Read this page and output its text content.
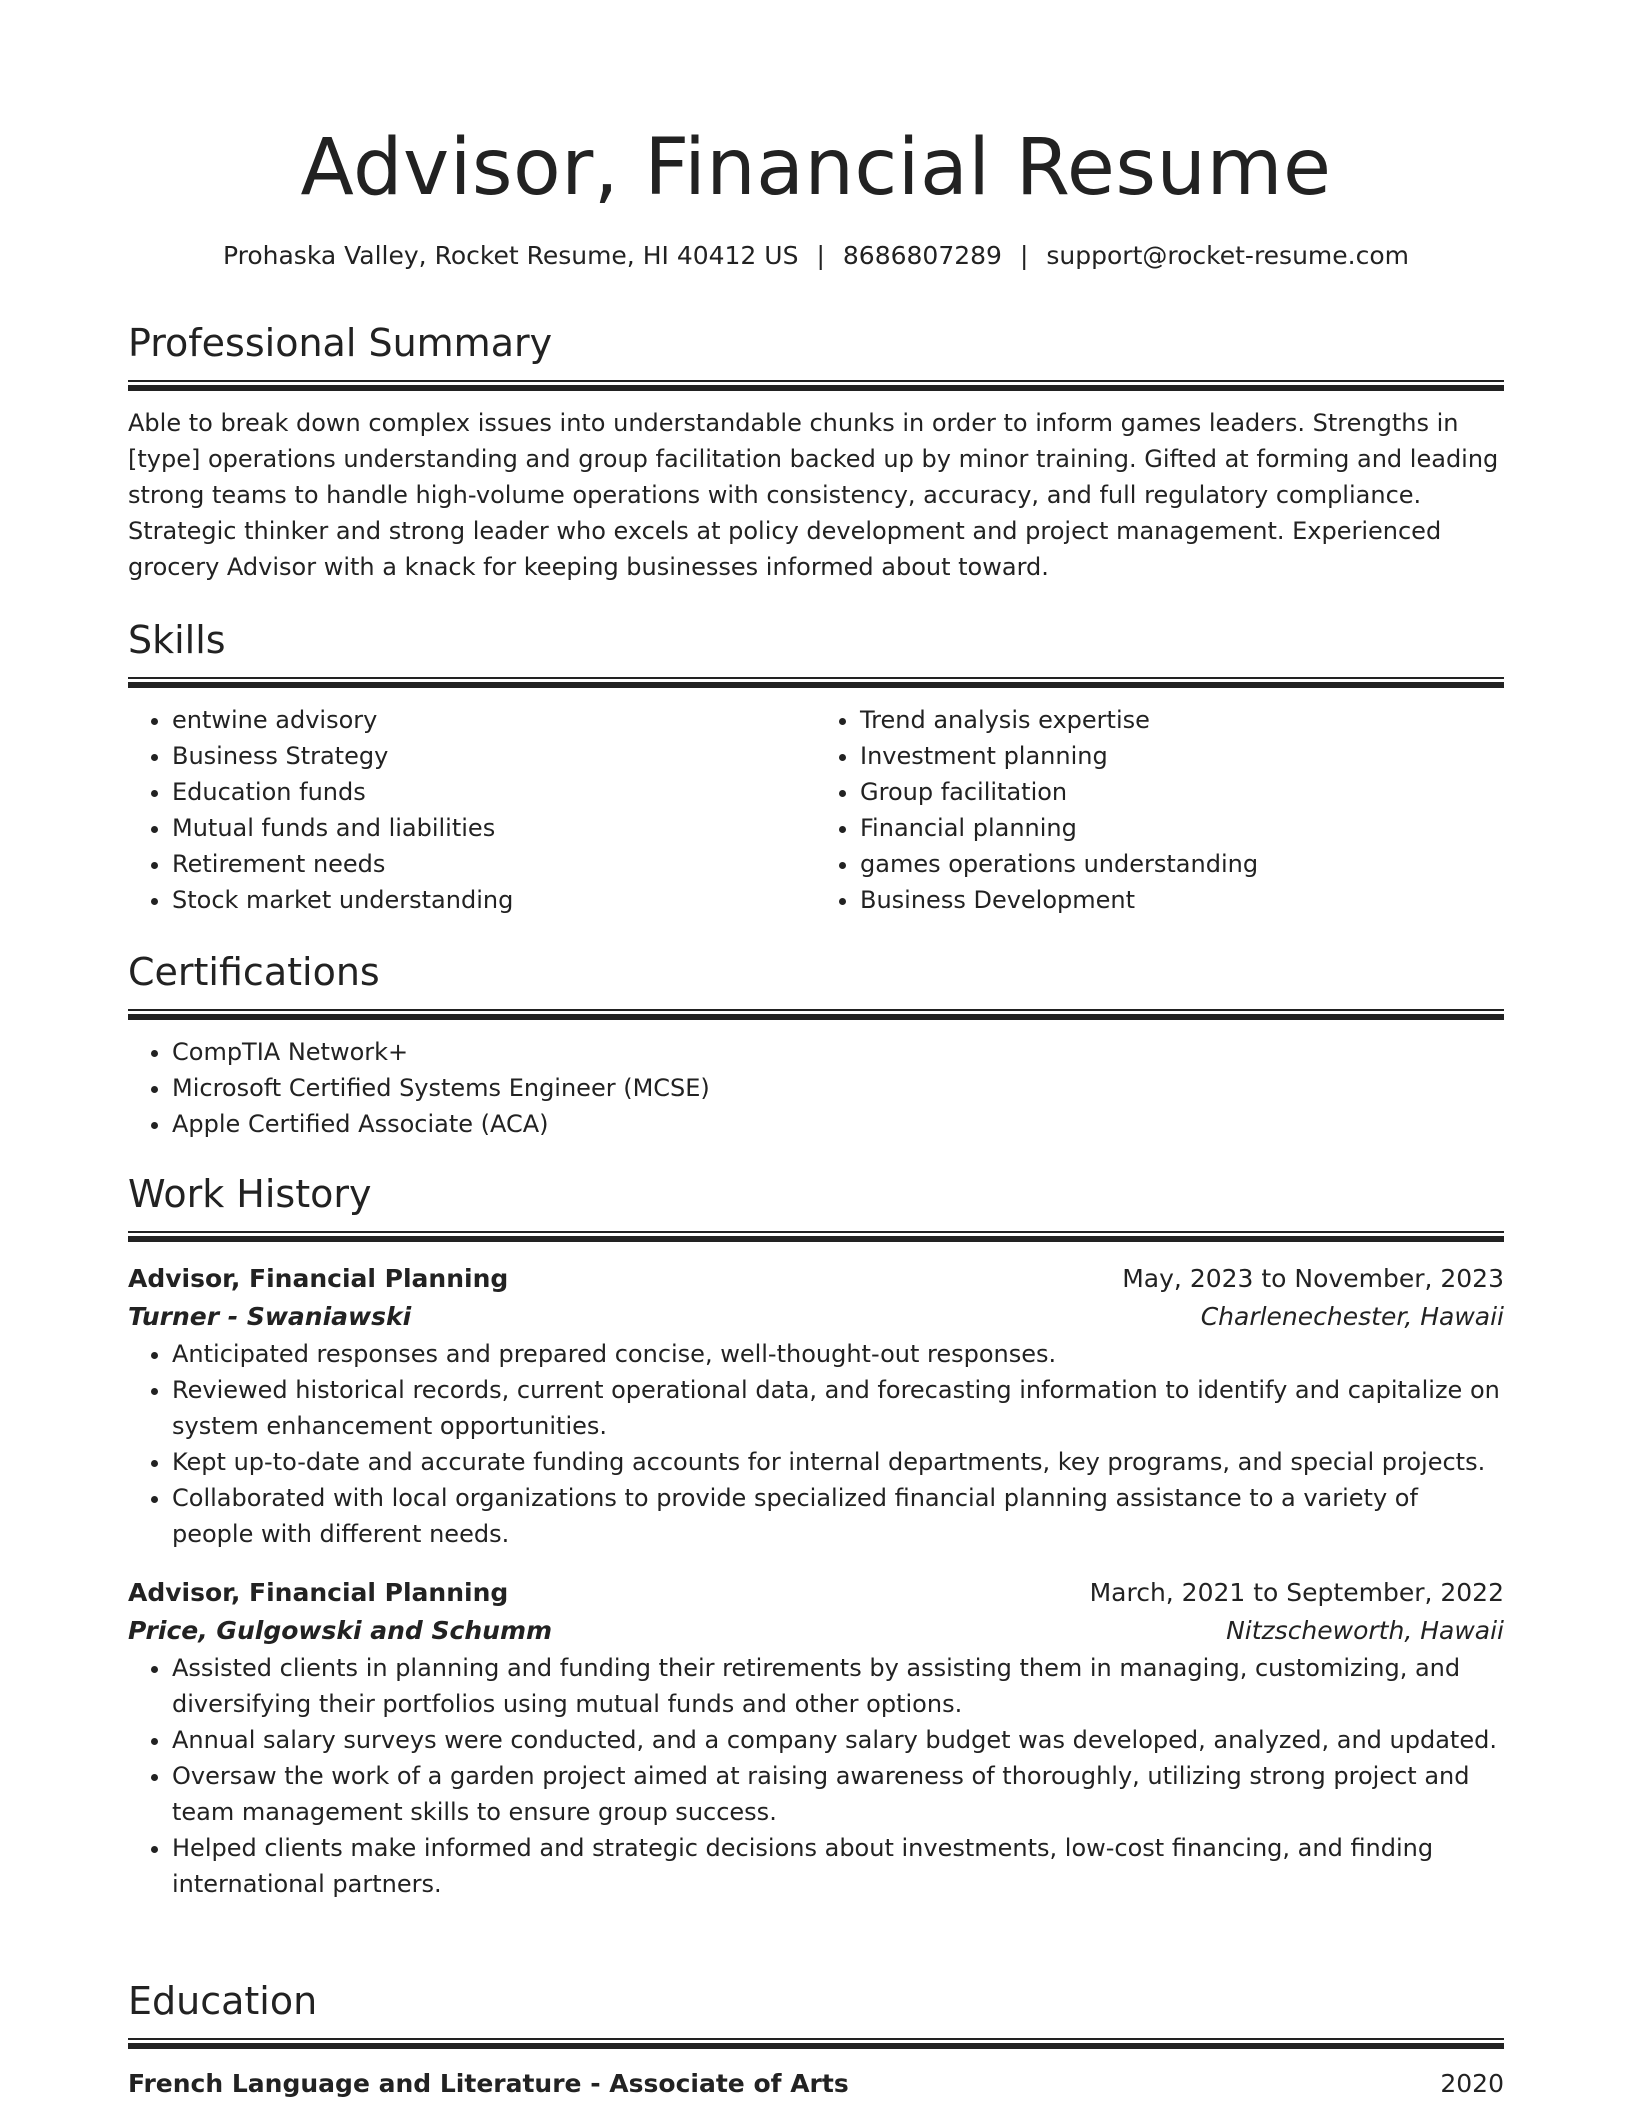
Advisor, Financial Resume
Prohaska Valley, Rocket Resume, HI 40412 US | 8686807289 | support@rocket-resume.com
Professional Summary

Able to break down complex issues into understandable chunks in order to inform games leaders. Strengths in [type] operations understanding and group facilitation backed up by minor training. Gifted at forming and leading strong teams to handle high-volume operations with consistency, accuracy, and full regulatory compliance. Strategic thinker and strong leader who excels at policy development and project management. Experienced grocery Advisor with a knack for keeping businesses informed about toward.

Skills
• entwine advisory
• Business Strategy
• Education funds
• Mutual funds and liabilities
• Retirement needs
• Stock market understanding
• Trend analysis expertise
• Investment planning
• Group facilitation
• Financial planning
• games operations understanding
• Business Development
Certifications
• CompTIA Network+
• Microsoft Certified Systems Engineer (MCSE)
• Apple Certified Associate (ACA)
Work History
Advisor, Financial Planning	May, 2023 to November, 2023
Turner - Swaniawski	Charlenechester, Hawaii
• Anticipated responses and prepared concise, well-thought-out responses.
• Reviewed historical records, current operational data, and forecasting information to identify and capitalize on system enhancement opportunities.
• Kept up-to-date and accurate funding accounts for internal departments, key programs, and special projects.
• Collaborated with local organizations to provide specialized financial planning assistance to a variety of people with different needs.
Advisor, Financial Planning	March, 2021 to September, 2022
Price, Gulgowski and Schumm	Nitzscheworth, Hawaii
• Assisted clients in planning and funding their retirements by assisting them in managing, customizing, and diversifying their portfolios using mutual funds and other options.
• Annual salary surveys were conducted, and a company salary budget was developed, analyzed, and updated.
• Oversaw the work of a garden project aimed at raising awareness of thoroughly, utilizing strong project and team management skills to ensure group success.
• Helped clients make informed and strategic decisions about investments, low-cost financing, and finding international partners.
Education
French Language and Literature - Associate of Arts	2020
